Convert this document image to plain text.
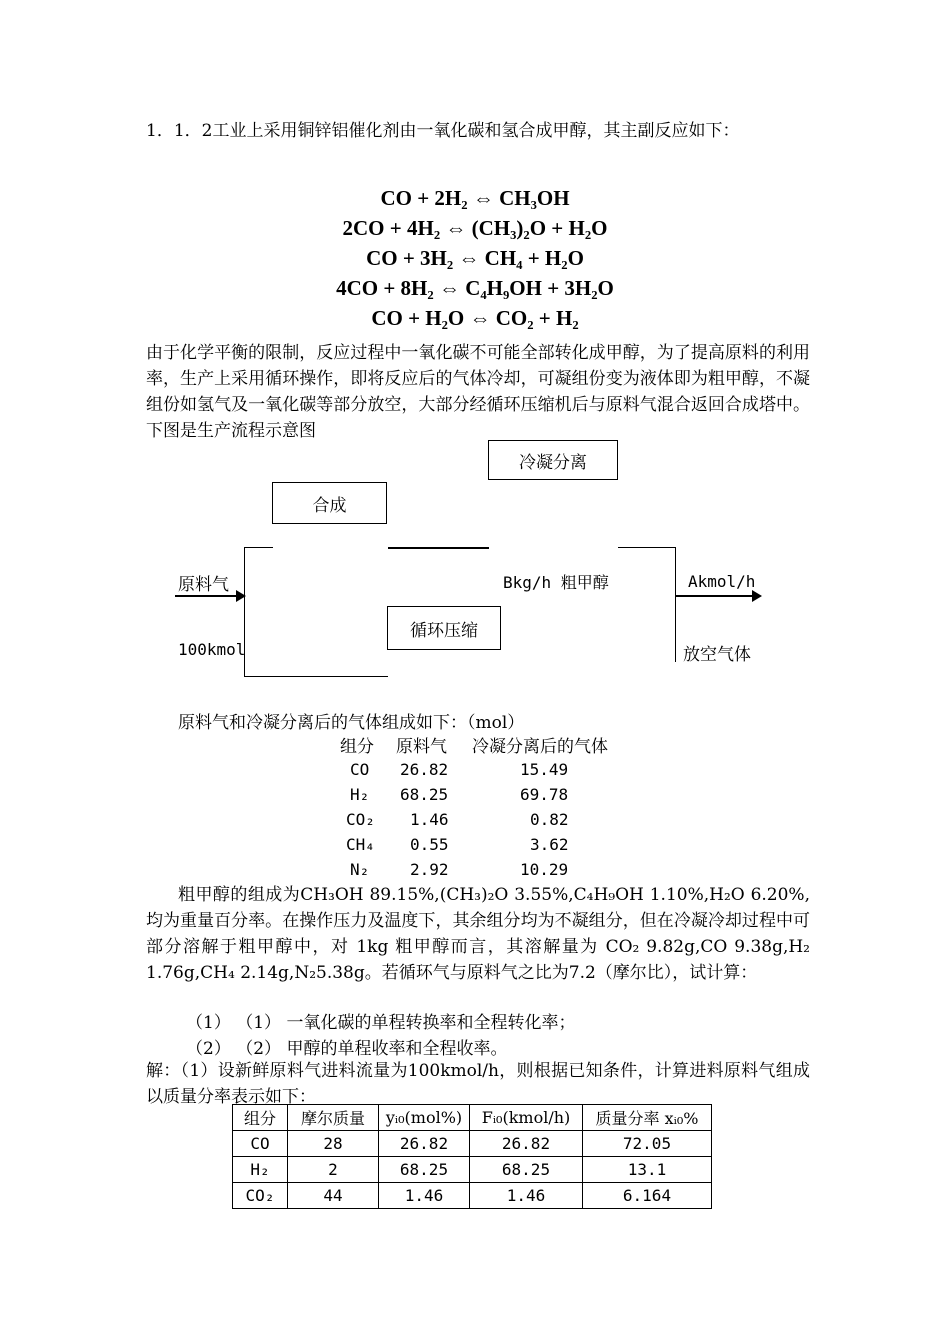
1．1．2工业上采用铜锌铝催化剂由一氧化碳和氢合成甲醇，其主副反应如下：
CO + 2H₂ ⇔ CH₃OH
2CO + 4H₂ ⇔ (CH₃)₂O + H₂O
CO + 3H₂ ⇔ CH₄ + H₂O
4CO + 8H₂ ⇔ C₄H₉OH + 3H₂O
CO + H₂O ⇔ CO₂ + H₂
由于化学平衡的限制，反应过程中一氧化碳不可能全部转化成甲醇，为了提高原料的利用率，生产上采用循环操作，即将反应后的气体冷却，可凝组份变为液体即为粗甲醇，不凝组份如氢气及一氧化碳等部分放空，大部分经循环压缩机后与原料气混合返回合成塔中。下图是生产流程示意图
冷凝分离
合成
循环压缩
原料气
100kmol
Bkg/h 粗甲醇	Akmol/h
放空气体
原料气和冷凝分离后的气体组成如下：（mol）
组分	原料气	冷凝分离后的气体
CO	26.82	15.49
H₂	68.25	69.78
CO₂	1.46	0.82
CH₄	0.55	3.62
N₂	2.92	10.29
粗甲醇的组成为CH₃OH 89.15%,(CH₃)₂O 3.55%,C₄H₉OH 1.10%,H₂O 6.20%,均为重量百分率。在操作压力及温度下，其余组分均为不凝组分，但在冷凝冷却过程中可部分溶解于粗甲醇中，对 1kg 粗甲醇而言，其溶解量为 CO₂ 9.82g,CO 9.38g,H₂ 1.76g,CH₄ 2.14g,N₂5.38g。若循环气与原料气之比为7.2（摩尔比），试计算：
（1） （1） 一氧化碳的单程转换率和全程转化率；
（2） （2） 甲醇的单程收率和全程收率。
解：（1）设新鲜原料气进料流量为100kmol/h，则根据已知条件，计算进料原料气组成以质量分率表示如下：
组分	摩尔质量	yᵢ₀(mol%)	Fᵢ₀(kmol/h)	质量分率 xᵢ₀%
CO	28	26.82	26.82	72.05
H₂	2	68.25	68.25	13.1
CO₂	44	1.46	1.46	6.164
